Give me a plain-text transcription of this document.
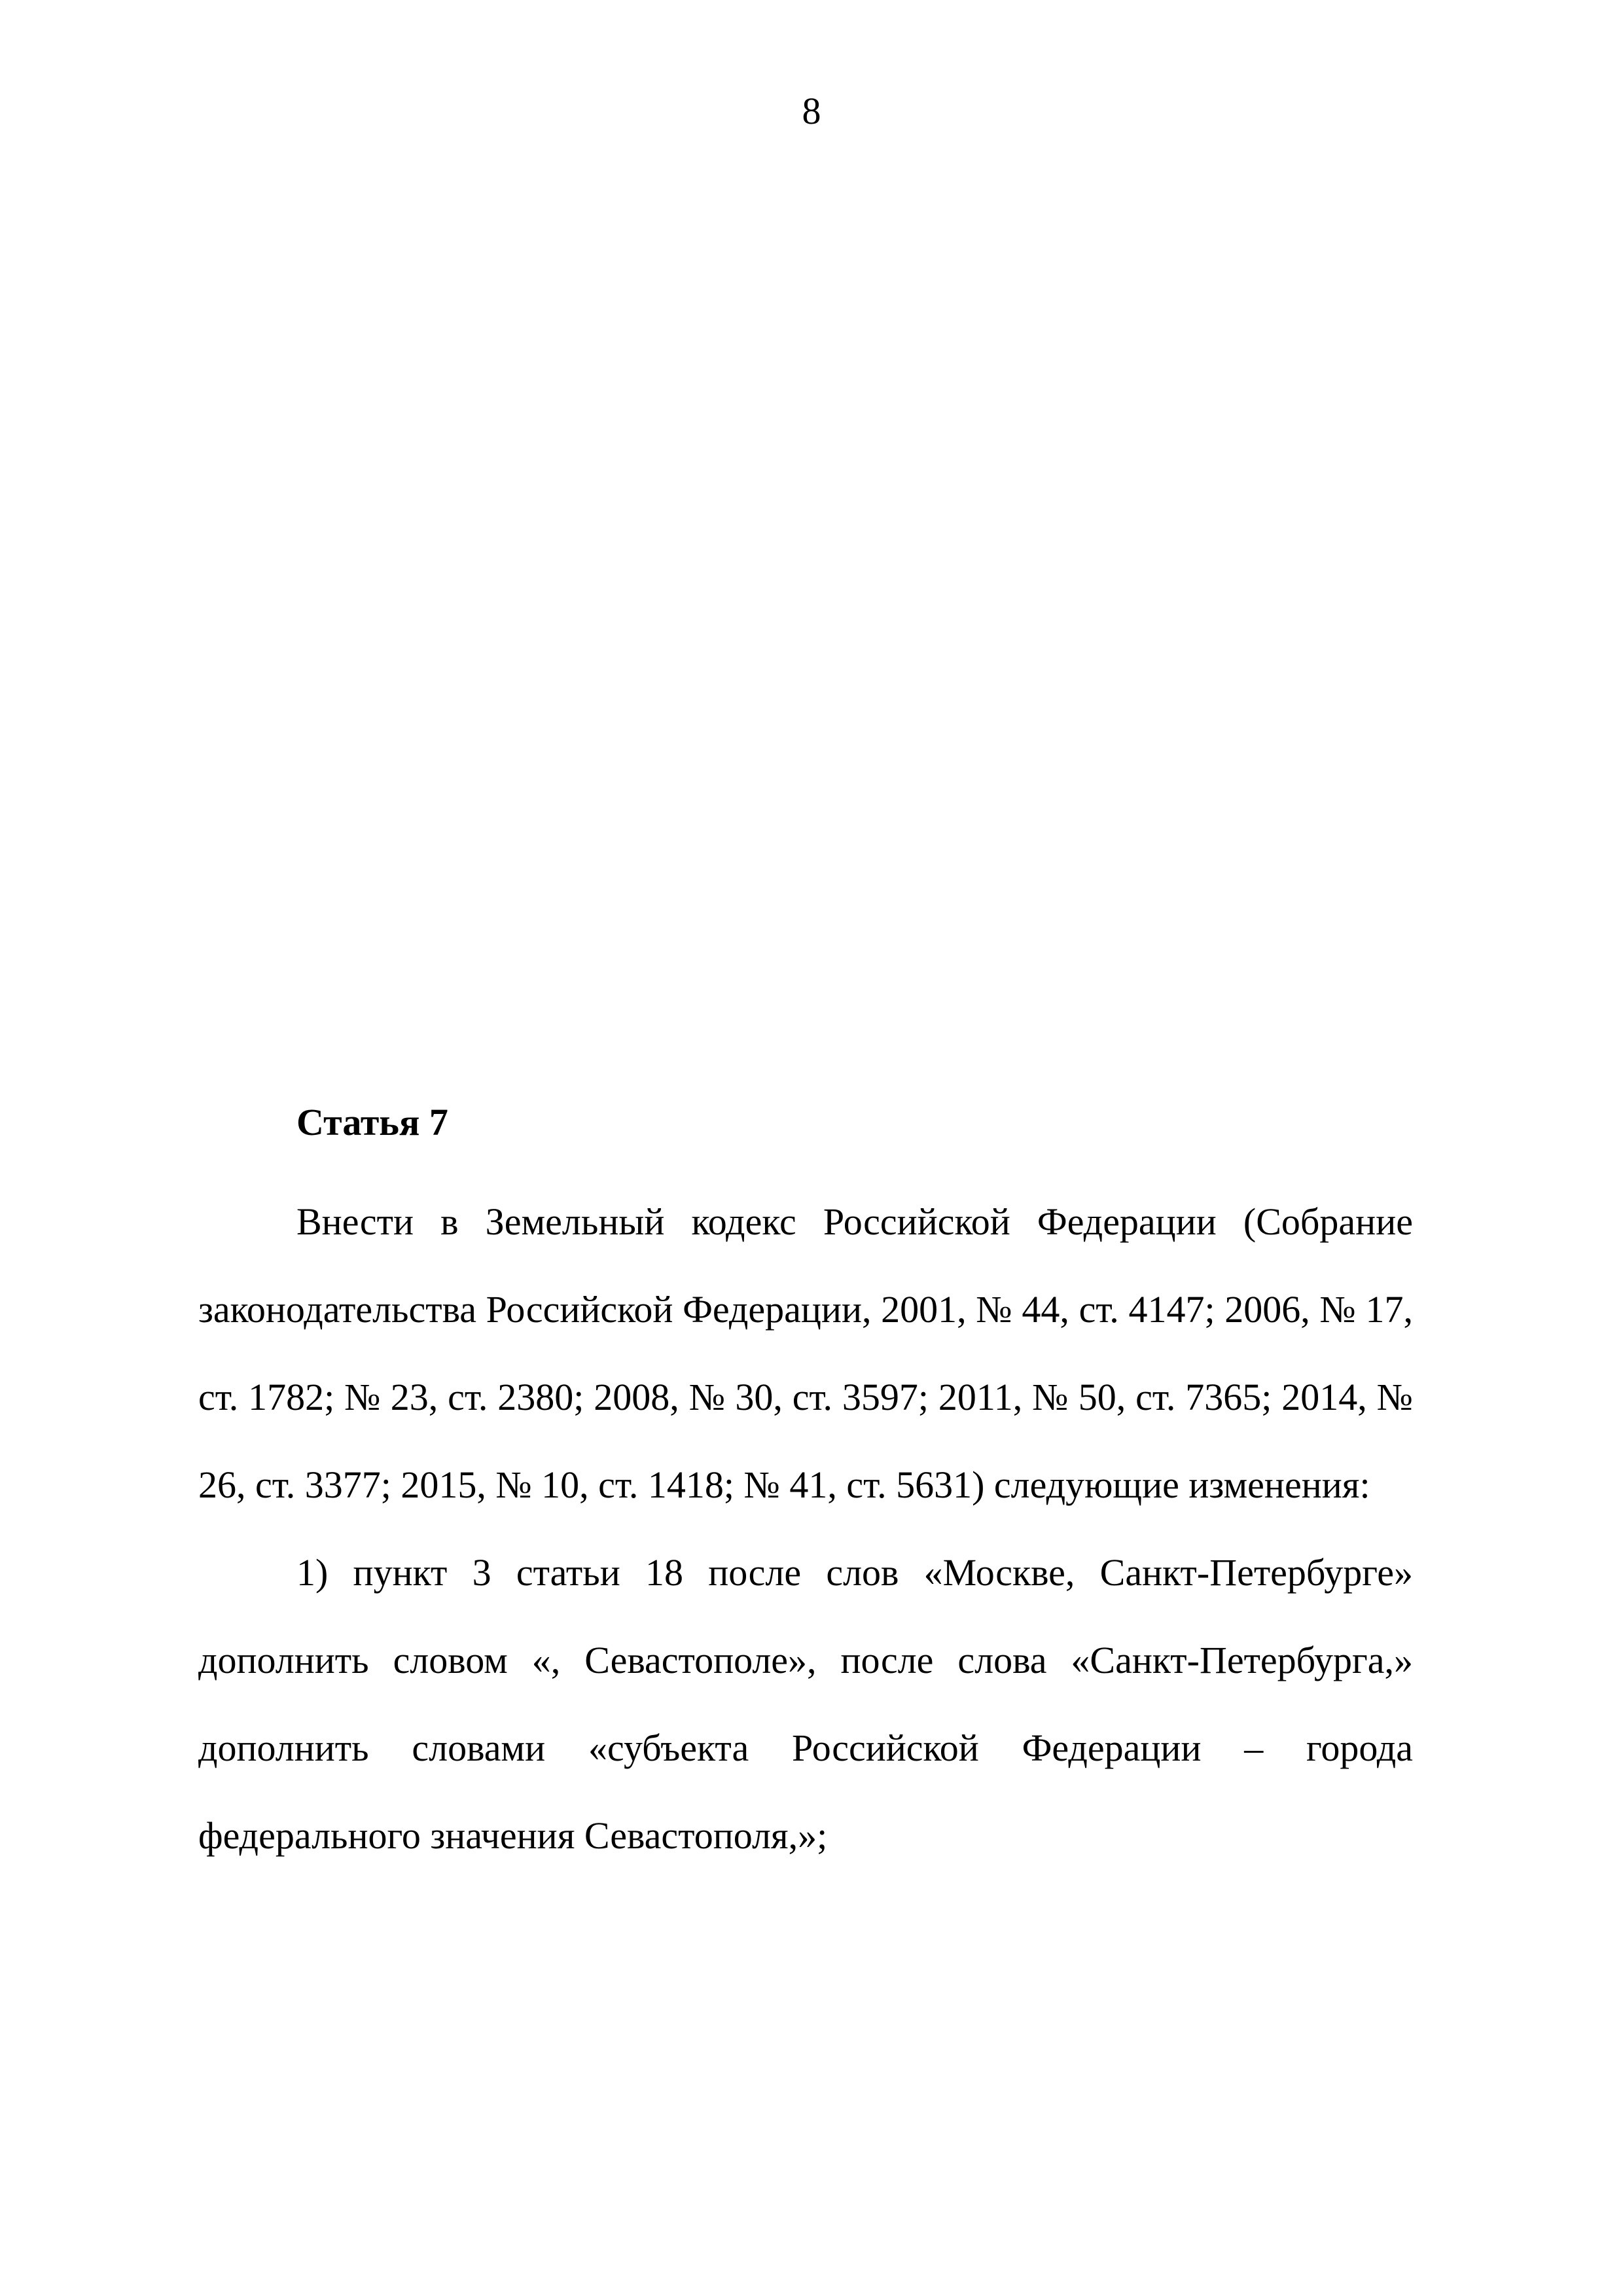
8

Статья 7

Внести в Земельный кодекс Российской Федерации (Собрание законодательства Российской Федерации, 2001, № 44, ст. 4147; 2006, № 17, ст. 1782; № 23, ст. 2380; 2008, № 30, ст. 3597; 2011, № 50, ст. 7365; 2014, № 26, ст. 3377; 2015, № 10, ст. 1418; № 41, ст. 5631) следующие изменения:

1) пункт 3 статьи 18 после слов «Москве, Санкт-Петербурге» дополнить словом «, Севастополе», после слова «Санкт-Петербурга,» дополнить словами «субъекта Российской Федерации – города федерального значения Севастополя,»;
